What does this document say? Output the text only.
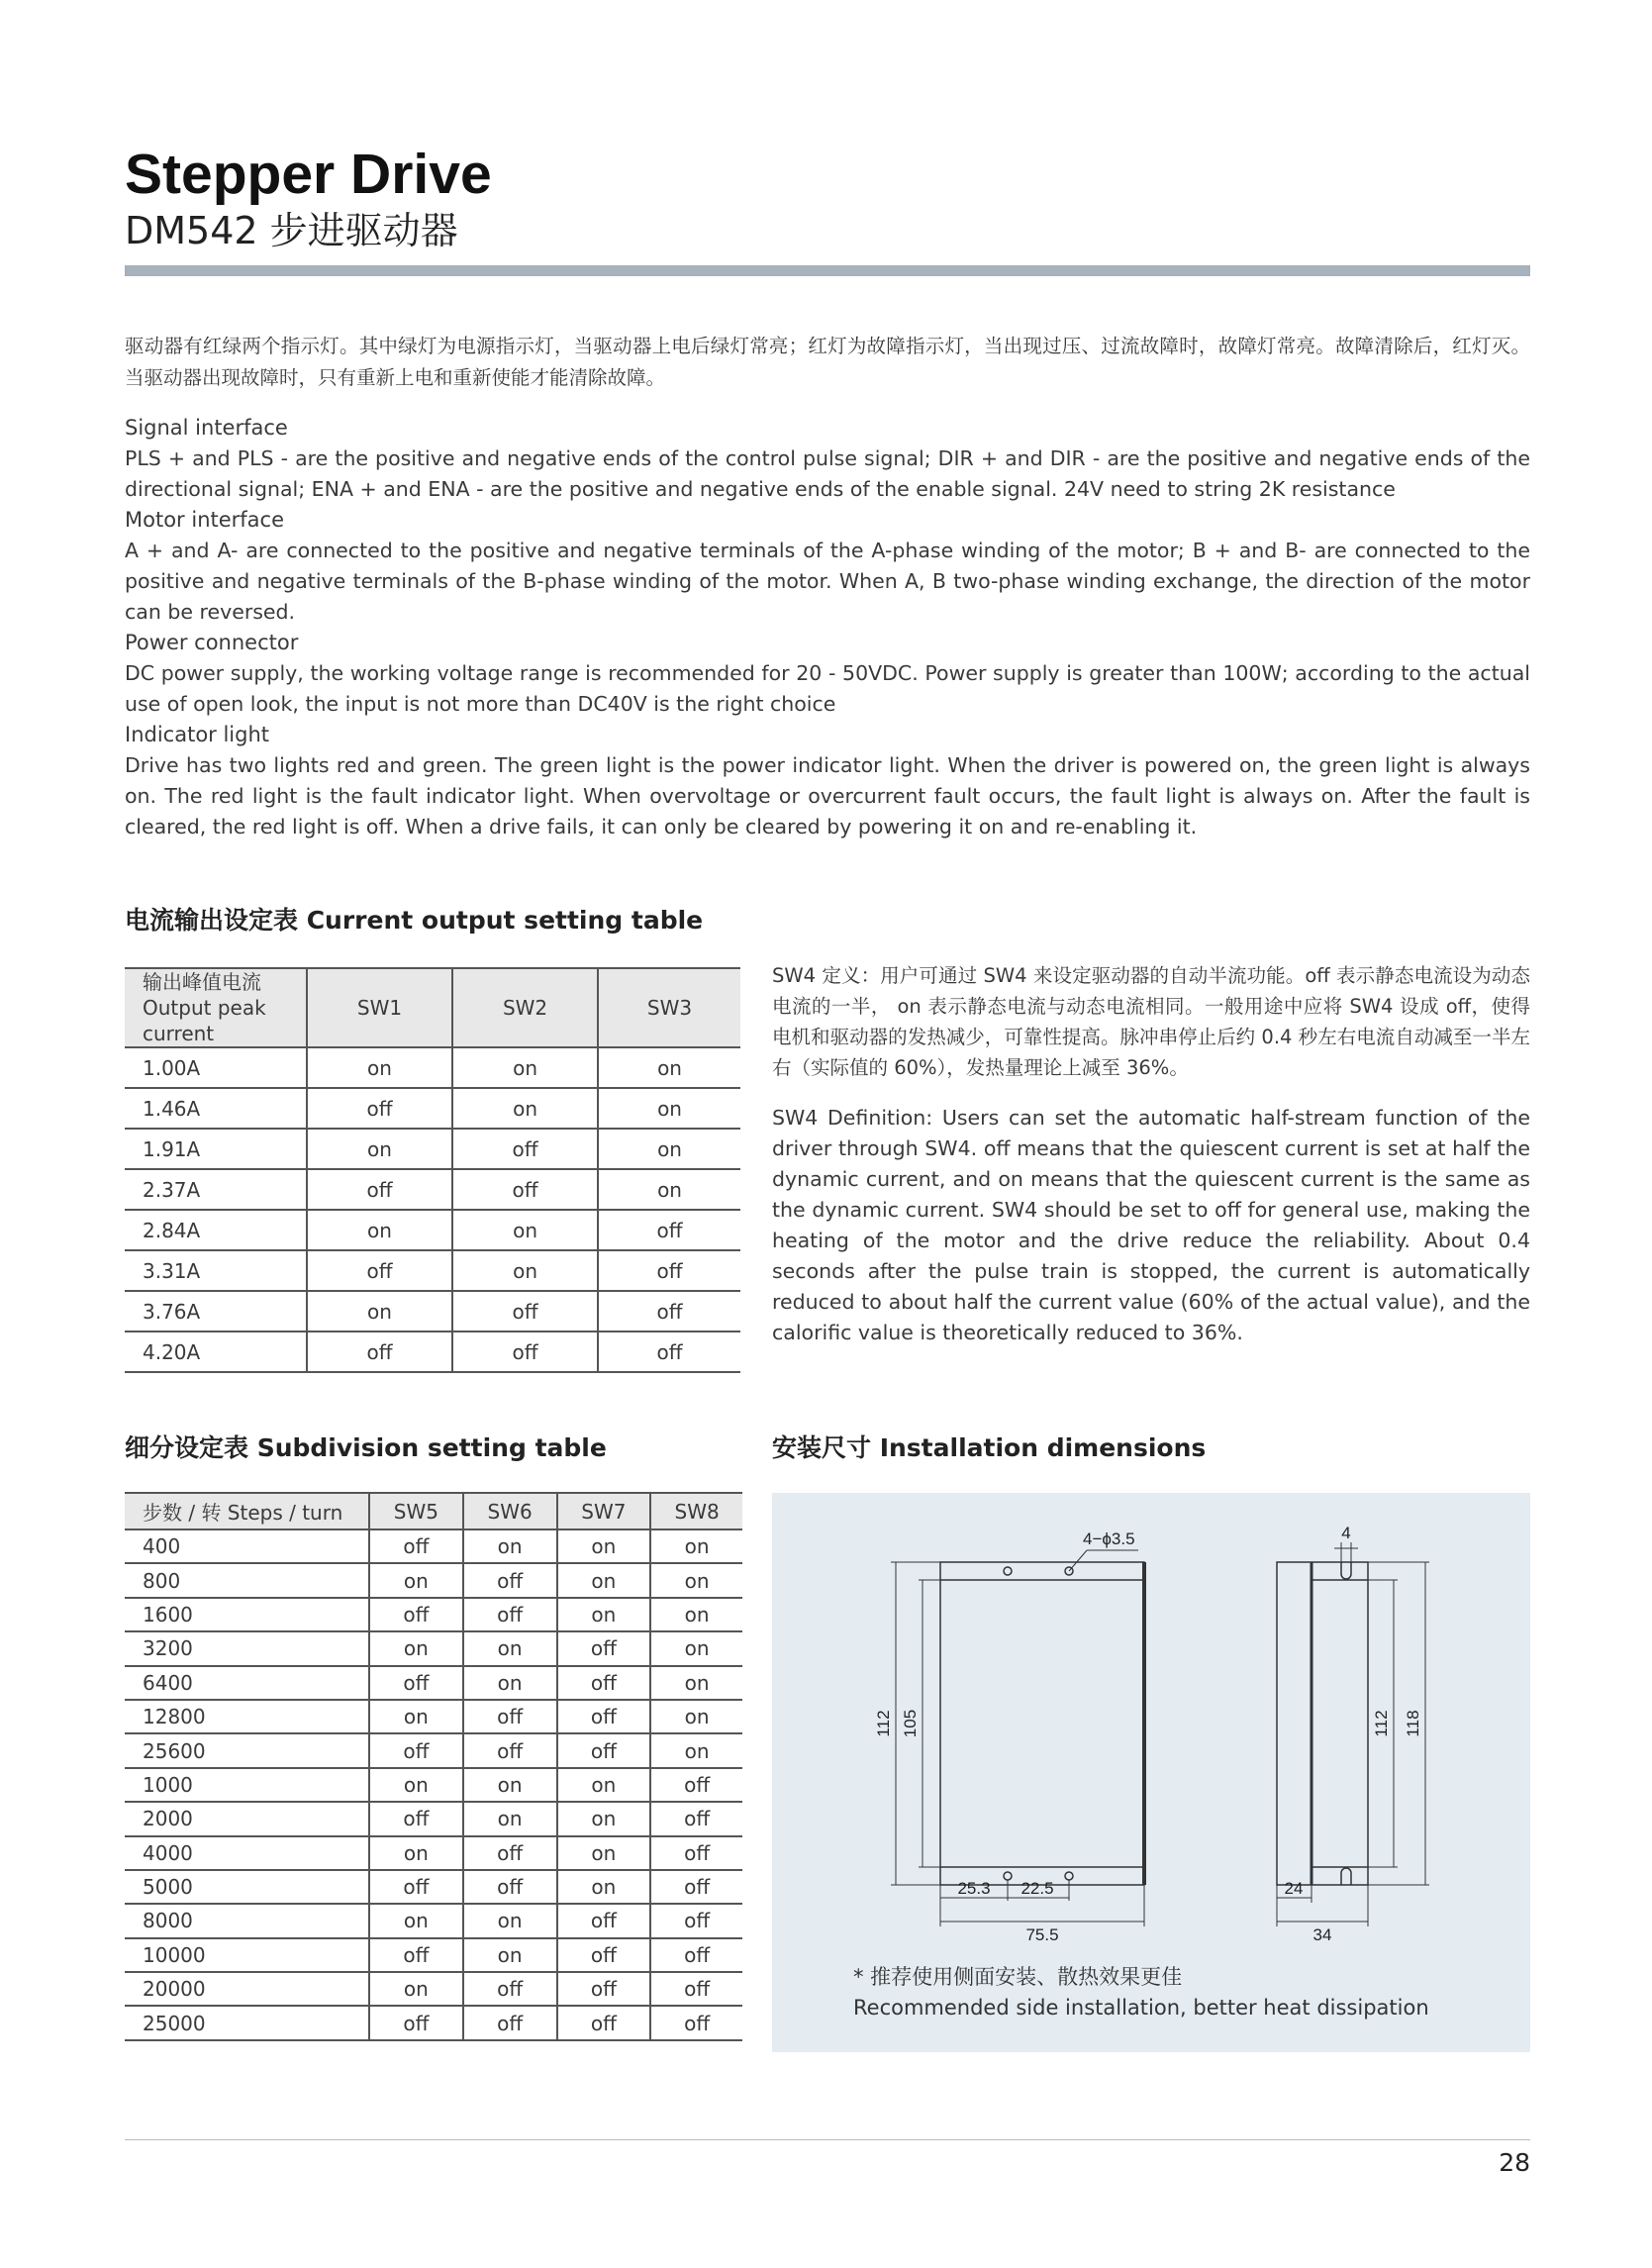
Stepper Drive
DM542 步进驱动器

驱动器有红绿两个指示灯。其中绿灯为电源指示灯，当驱动器上电后绿灯常亮；红灯为故障指示灯，当出现过压、过流故障时，故障灯常亮。故障清除后，红灯灭。当驱动器出现故障时，只有重新上电和重新使能才能清除故障。

Signal interface

PLS + and PLS - are the positive and negative ends of the control pulse signal; DIR + and DIR - are the positive and negative ends of the directional signal; ENA + and ENA - are the positive and negative ends of the enable signal. 24V need to string 2K resistance

Motor interface

A + and A- are connected to the positive and negative terminals of the A-phase winding of the motor; B + and B- are connected to the positive and negative terminals of the B-phase winding of the motor. When A, B two-phase winding exchange, the direction of the motor can be reversed.

Power connector

DC power supply, the working voltage range is recommended for 20 - 50VDC. Power supply is greater than 100W; according to the actual use of open look, the input is not more than DC40V is the right choice

Indicator light

Drive has two lights red and green. The green light is the power indicator light. When the driver is powered on, the green light is always on. The red light is the fault indicator light. When overvoltage or overcurrent fault occurs, the fault light is always on. After the fault is cleared, the red light is off. When a drive fails, it can only be cleared by powering it on and re-enabling it.

电流输出设定表 Current output setting table
输出峰值电流
Output peak current	SW1	SW2	SW3
1.00A	on	on	on
1.46A	off	on	on
1.91A	on	off	on
2.37A	off	off	on
2.84A	on	on	off
3.31A	off	on	off
3.76A	on	off	off
4.20A	off	off	off

SW4 定义：用户可通过 SW4 来设定驱动器的自动半流功能。off 表示静态电流设为动态电流的一半， on 表示静态电流与动态电流相同。一般用途中应将 SW4 设成 off，使得电机和驱动器的发热减少，可靠性提高。脉冲串停止后约 0.4 秒左右电流自动减至一半左右（实际值的 60%），发热量理论上减至 36%。

SW4 Definition: Users can set the automatic half-stream function of the driver through SW4. off means that the quiescent current is set at half the dynamic current, and on means that the quiescent current is the same as the dynamic current. SW4 should be set to off for general use, making the heating of the motor and the drive reduce the reliability. About 0.4 seconds after the pulse train is stopped, the current is automatically reduced to about half the current value (60% of the actual value), and the calorific value is theoretically reduced to 36%.

细分设定表 Subdivision setting table
步数 / 转 Steps / turn	SW5	SW6	SW7	SW8
400	off	on	on	on
800	on	off	on	on
1600	off	off	on	on
3200	on	on	off	on
6400	off	on	off	on
12800	on	off	off	on
25600	off	off	off	on
1000	on	on	on	off
2000	off	on	on	off
4000	on	off	on	off
5000	off	off	on	off
8000	on	on	off	off
10000	off	on	off	off
20000	on	off	off	off
25000	off	off	off	off
安装尺寸 Installation dimensions
4−ϕ3.5
112 105
25.3 22.5
75.5
4
112 118
24
34
* 推荐使用侧面安装、散热效果更佳
Recommended side installation, better heat dissipation
28
